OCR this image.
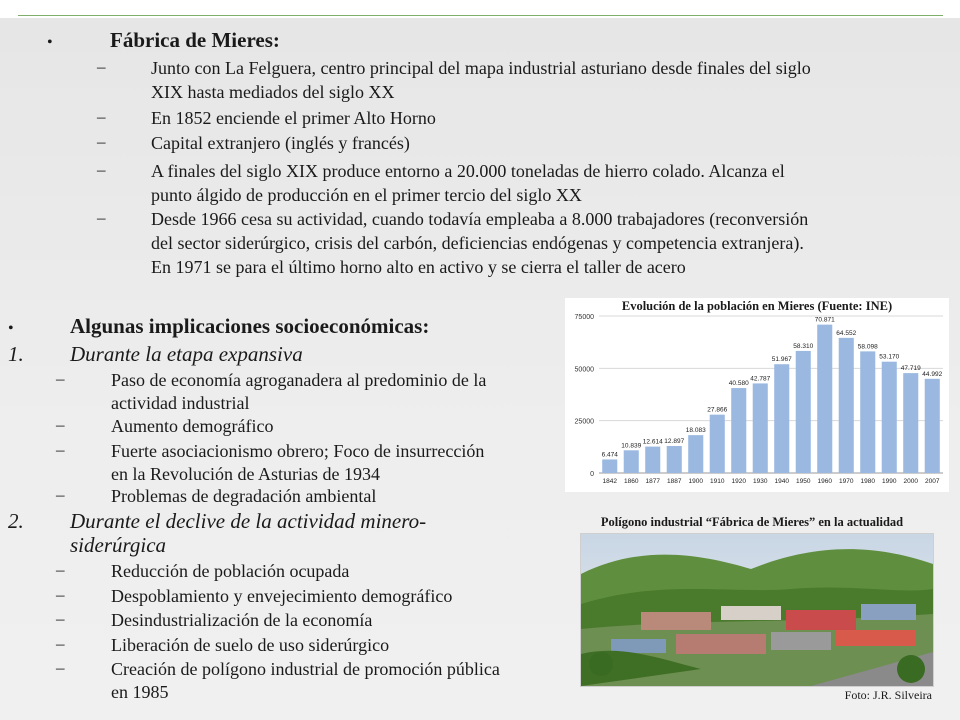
•	Fábrica de Mieres:
–	Junto con La Felguera, centro principal del mapa industrial asturiano desde finales del siglo
XIX hasta mediados del siglo XX
–	En 1852 enciende el primer Alto Horno
–	Capital extranjero (inglés y francés)
–	A finales del siglo XIX produce entorno a 20.000 toneladas de hierro colado. Alcanza el
punto álgido de producción en el primer tercio del siglo XX
–	Desde 1966 cesa su actividad, cuando todavía empleaba a 8.000 trabajadores (reconversión
del sector siderúrgico, crisis del carbón, deficiencias endógenas y competencia extranjera).
En 1971 se para el último horno alto en activo y se cierra el taller de acero
•	Algunas implicaciones socioeconómicas:
1. Durante la etapa expansiva
–	Paso de economía agroganadera al predominio de la
actividad industrial
–	Aumento demográfico
–	Fuerte asociacionismo obrero; Foco de insurrección
en la Revolución de Asturias de 1934
–	Problemas de degradación ambiental
2. Durante el declive de la actividad minero-
siderúrgica
–	Reducción de población ocupada
–	Despoblamiento y envejecimiento demográfico
–	Desindustrialización de la economía
–	Liberación de suelo de uso siderúrgico
–	Creación de polígono industrial de promoción pública
en 1985
0
25000
50000
75000
6.474
1842
10.839
1860
12.614
1877
12.897
1887
18.083
1900
27.866
1910
40.580
1920
42.787
1930
51.967
1940
58.310
1950
70.871
1960
64.552
1970
58.098
1980
53.170
1990
47.719
2000
44.992
2007
Evolución de la población en Mieres (Fuente: INE)
Polígono industrial “Fábrica de Mieres” en la actualidad
Foto: J.R. Silveira
